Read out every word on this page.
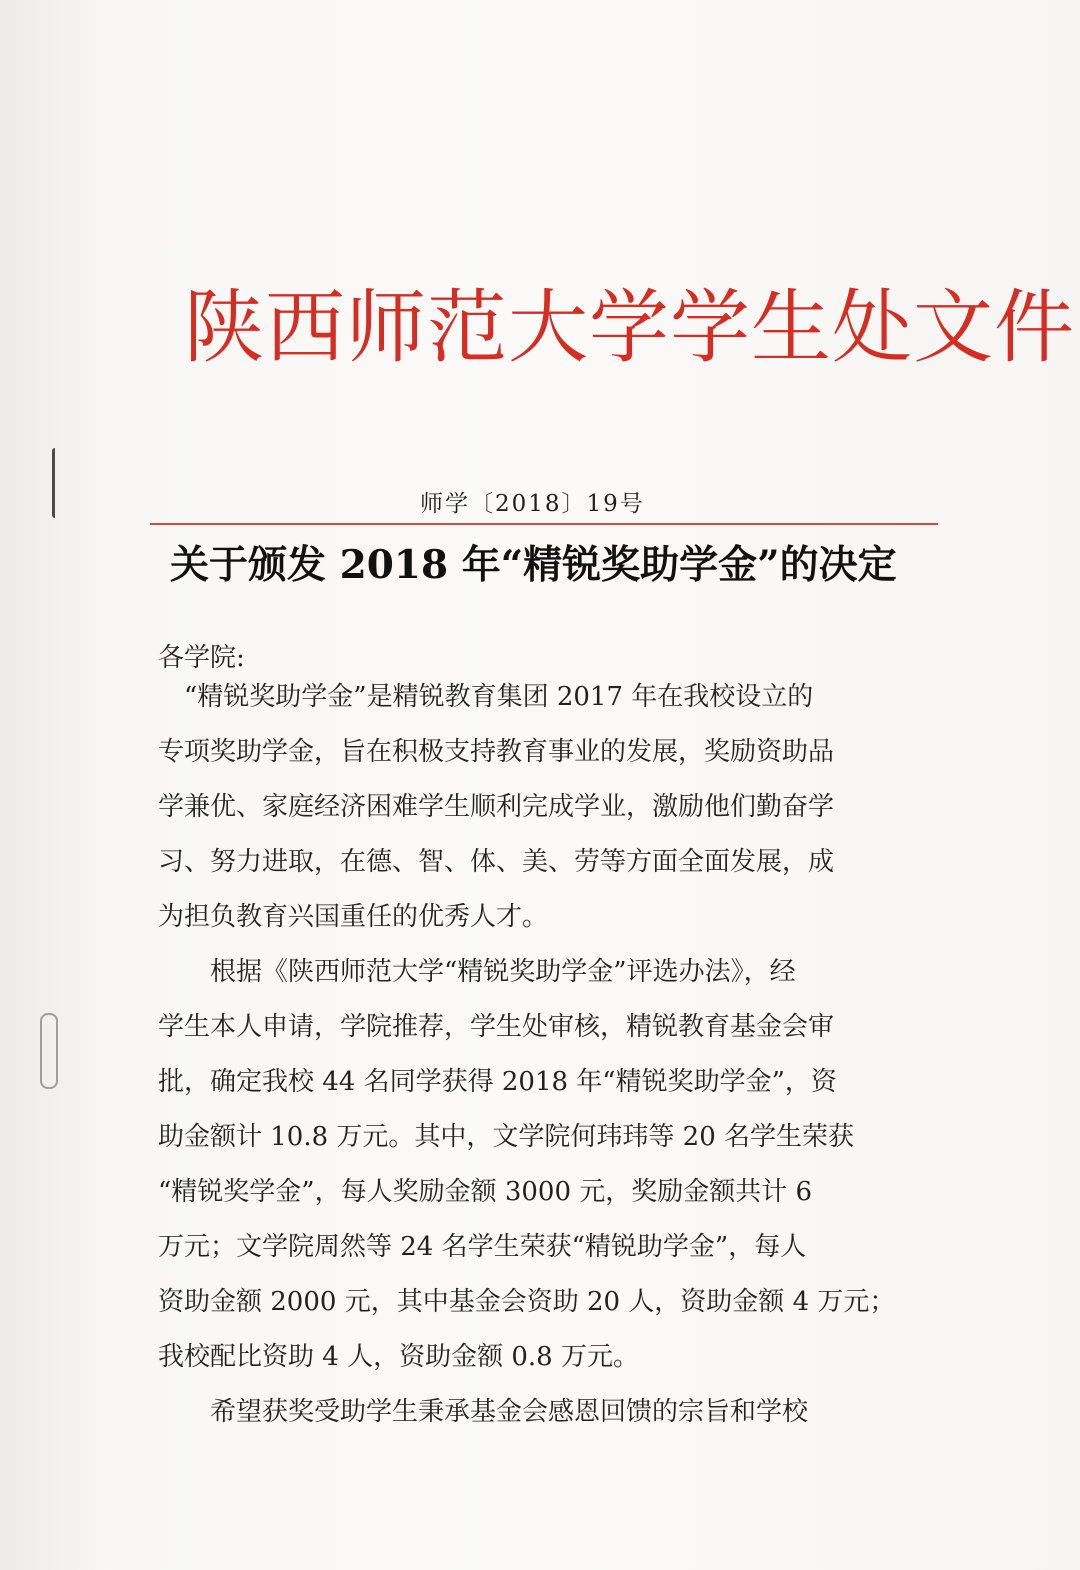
陕西师范大学学生处文件
师学〔2018〕19号
关于颁发 2018 年“精锐奖助学金”的决定
各学院:
　“精锐奖助学金”是精锐教育集团 2017 年在我校设立的
专项奖助学金，旨在积极支持教育事业的发展，奖励资助品
学兼优、家庭经济困难学生顺利完成学业，激励他们勤奋学
习、努力进取，在德、智、体、美、劳等方面全面发展，成
为担负教育兴国重任的优秀人才。
　　根据《陕西师范大学“精锐奖助学金”评选办法》，经
学生本人申请，学院推荐，学生处审核，精锐教育基金会审
批，确定我校 44 名同学获得 2018 年“精锐奖助学金”，资
助金额计 10.8 万元。其中，文学院何玮玮等 20 名学生荣获
“精锐奖学金”，每人奖励金额 3000 元，奖励金额共计 6
万元；文学院周然等 24 名学生荣获“精锐助学金”，每人
资助金额 2000 元，其中基金会资助 20 人，资助金额 4 万元；
我校配比资助 4 人，资助金额 0.8 万元。
　　希望获奖受助学生秉承基金会感恩回馈的宗旨和学校
